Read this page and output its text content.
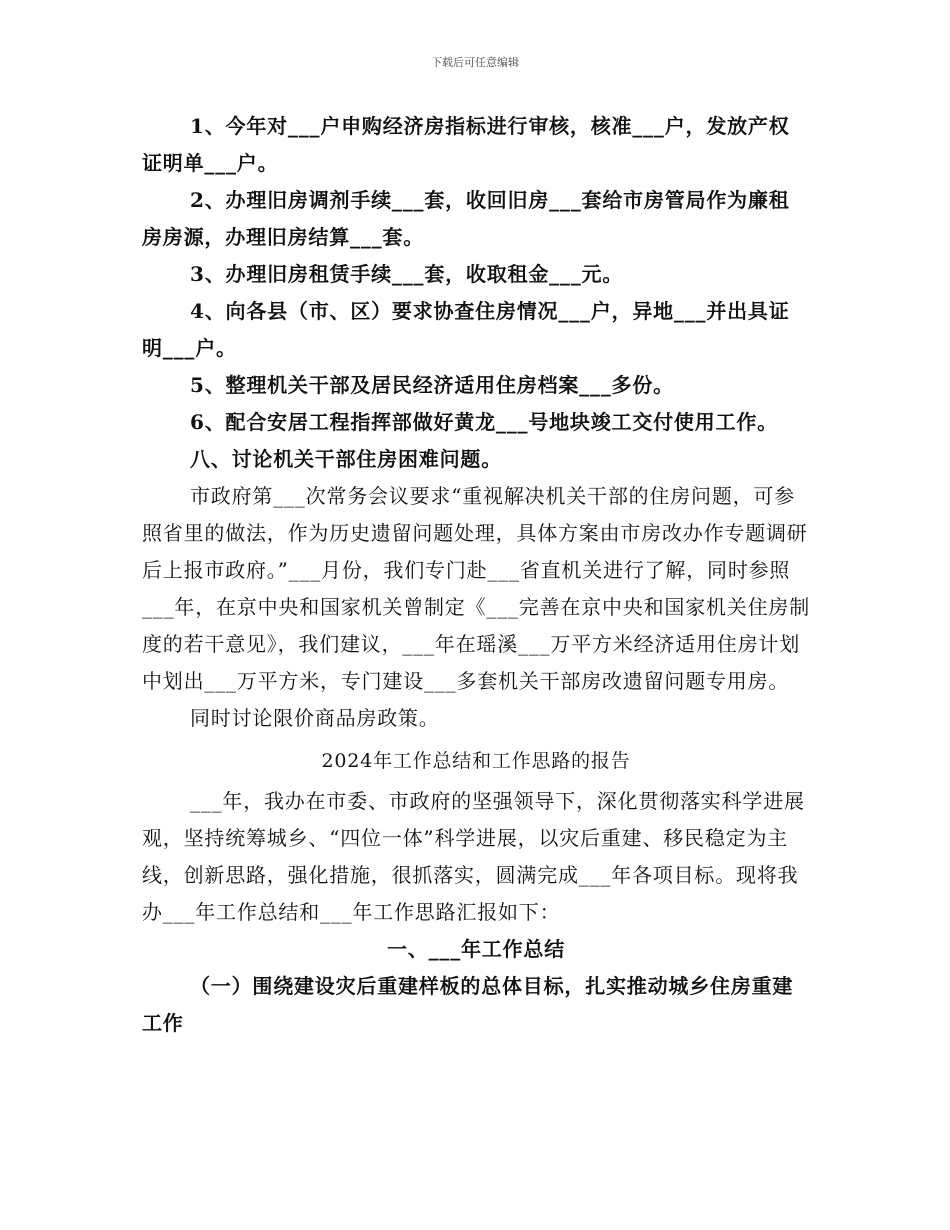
下载后可任意编辑

1、今年对___户申购经济房指标进行审核，核准___户，发放产权证明单___户。

2、办理旧房调剂手续___套，收回旧房___套给市房管局作为廉租房房源，办理旧房结算___套。

3、办理旧房租赁手续___套，收取租金___元。

4、向各县（市、区）要求协查住房情况___户，异地___并出具证明___户。

5、整理机关干部及居民经济适用住房档案___多份。

6、配合安居工程指挥部做好黄龙___号地块竣工交付使用工作。

八、讨论机关干部住房困难问题。

市政府第___次常务会议要求“重视解决机关干部的住房问题，可参照省里的做法，作为历史遗留问题处理，具体方案由市房改办作专题调研后上报市政府。”___月份，我们专门赴___省直机关进行了解，同时参照___年，在京中央和国家机关曾制定《___完善在京中央和国家机关住房制度的若干意见》，我们建议，___年在瑶溪___万平方米经济适用住房计划中划出___万平方米，专门建设___多套机关干部房改遗留问题专用房。

同时讨论限价商品房政策。

2024年工作总结和工作思路的报告

___年，我办在市委、市政府的坚强领导下，深化贯彻落实科学进展观，坚持统筹城乡、“四位一体”科学进展，以灾后重建、移民稳定为主线，创新思路，强化措施，很抓落实，圆满完成___年各项目标。现将我办___年工作总结和___年工作思路汇报如下：

一、___年工作总结

（一）围绕建设灾后重建样板的总体目标，扎实推动城乡住房重建工作
